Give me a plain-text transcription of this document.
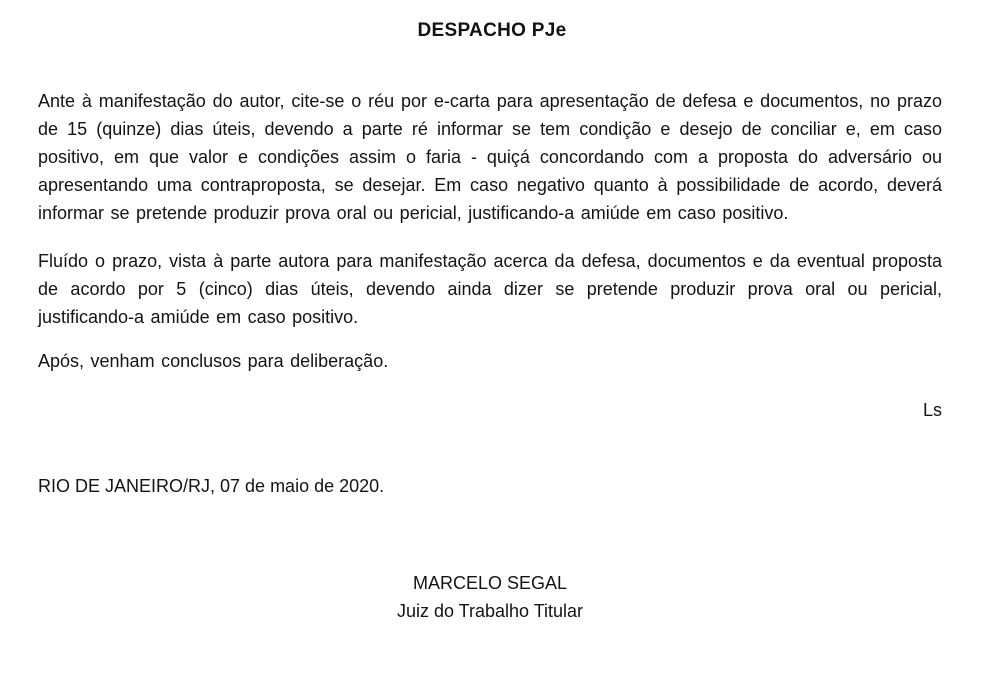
DESPACHO PJe

Ante à manifestação do autor, cite-se o réu por e-carta para apresentação de defesa e documentos, no prazo de 15 (quinze) dias úteis, devendo a parte ré informar se tem condição e desejo de conciliar e, em caso positivo, em que valor e condições assim o faria - quiçá concordando com a proposta do adversário ou apresentando uma contraproposta, se desejar. Em caso negativo quanto à possibilidade de acordo, deverá informar se pretende produzir prova oral ou pericial, justificando-a amiúde em caso positivo.

Fluído o prazo, vista à parte autora para manifestação acerca da defesa, documentos e da eventual proposta de acordo por 5 (cinco) dias úteis, devendo ainda dizer se pretende produzir prova oral ou pericial, justificando-a amiúde em caso positivo.

Após, venham conclusos para deliberação.

Ls

RIO DE JANEIRO/RJ, 07 de maio de 2020.

MARCELO SEGAL

Juiz do Trabalho Titular
